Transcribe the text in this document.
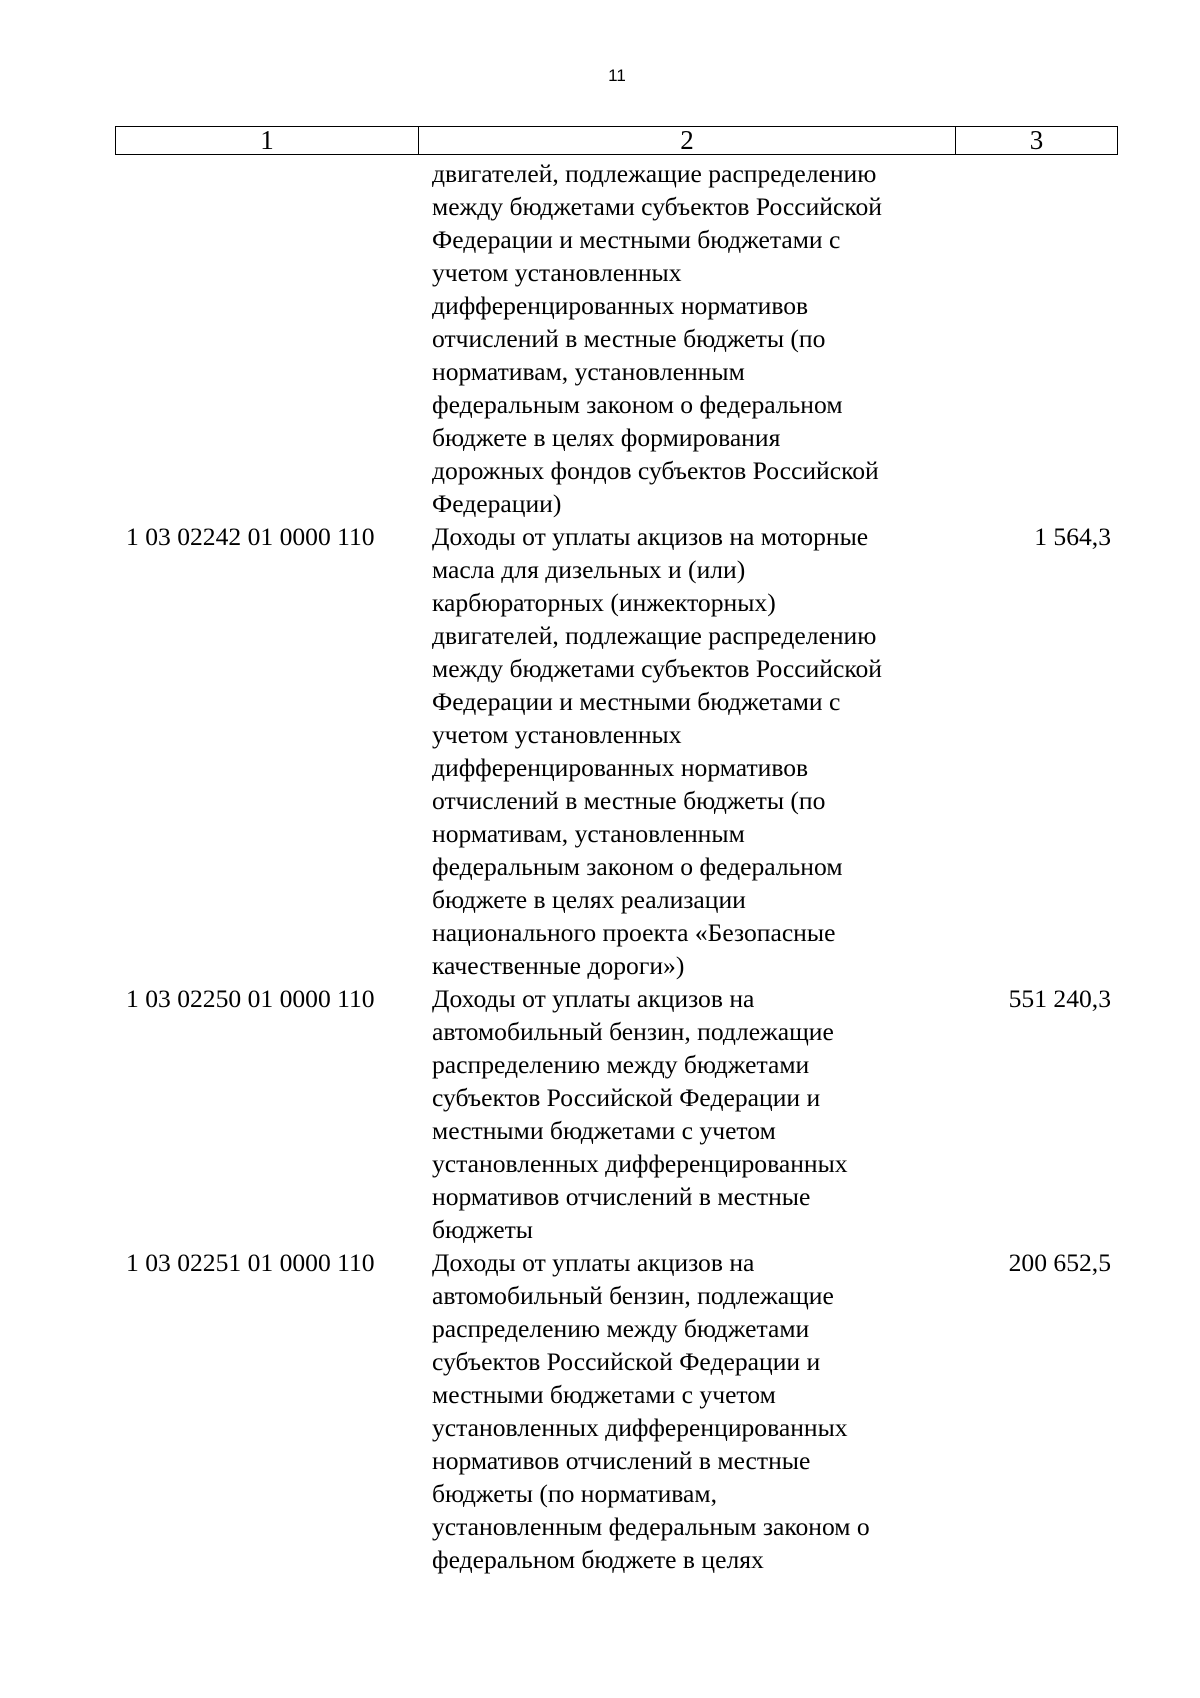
11
1	2	3
двигателей, подлежащие распределению
между бюджетами субъектов Российской
Федерации и местными бюджетами с
учетом установленных
дифференцированных нормативов
отчислений в местные бюджеты (по
нормативам, установленным
федеральным законом о федеральном
бюджете в целях формирования
дорожных фондов субъектов Российской
Федерации)
1 03 02242 01 0000 110	Доходы от уплаты акцизов на моторные
масла для дизельных и (или)
карбюраторных (инжекторных)
двигателей, подлежащие распределению
между бюджетами субъектов Российской
Федерации и местными бюджетами с
учетом установленных
дифференцированных нормативов
отчислений в местные бюджеты (по
нормативам, установленным
федеральным законом о федеральном
бюджете в целях реализации
национального проекта «Безопасные
качественные дороги»)
1 564,3
1 03 02250 01 0000 110	Доходы от уплаты акцизов на
автомобильный бензин, подлежащие
распределению между бюджетами
субъектов Российской Федерации и
местными бюджетами с учетом
установленных дифференцированных
нормативов отчислений в местные
бюджеты
551 240,3
1 03 02251 01 0000 110	Доходы от уплаты акцизов на
автомобильный бензин, подлежащие
распределению между бюджетами
субъектов Российской Федерации и
местными бюджетами с учетом
установленных дифференцированных
нормативов отчислений в местные
бюджеты (по нормативам,
установленным федеральным законом о
федеральном бюджете в целях
200 652,5
